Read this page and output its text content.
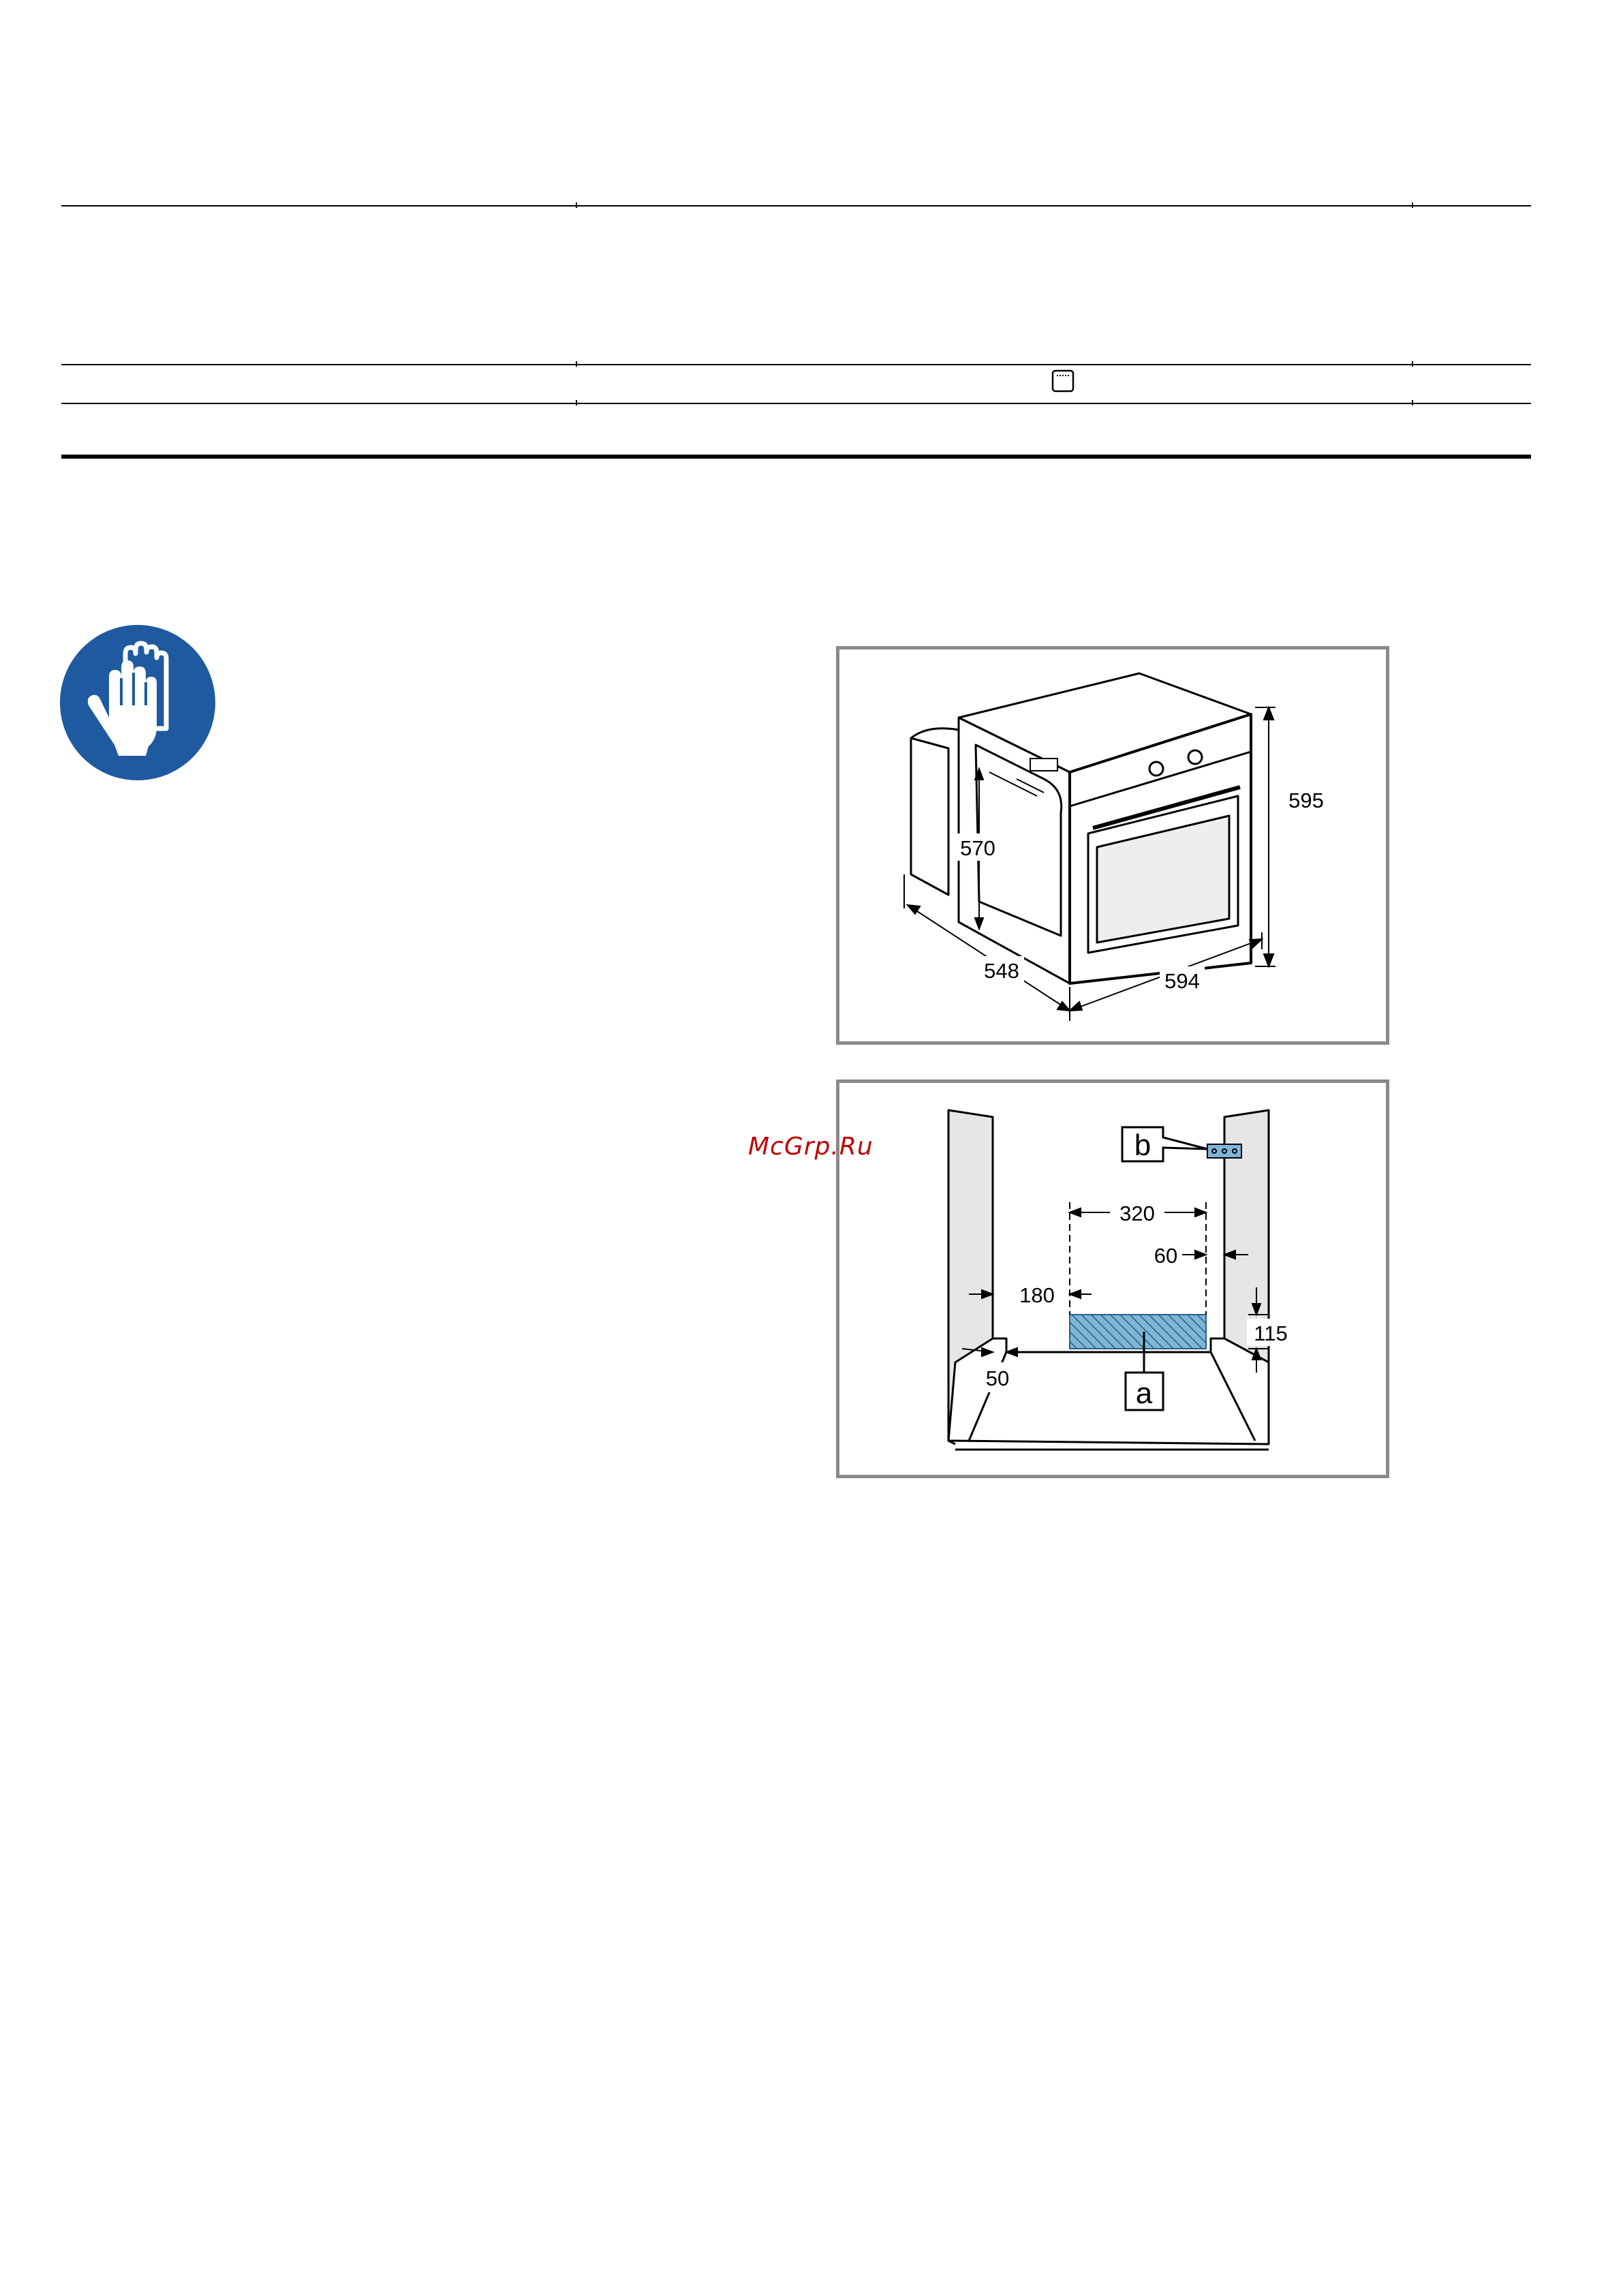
595
570
548	594
b
a
320
60
180
115
50
McGrp.Ru
